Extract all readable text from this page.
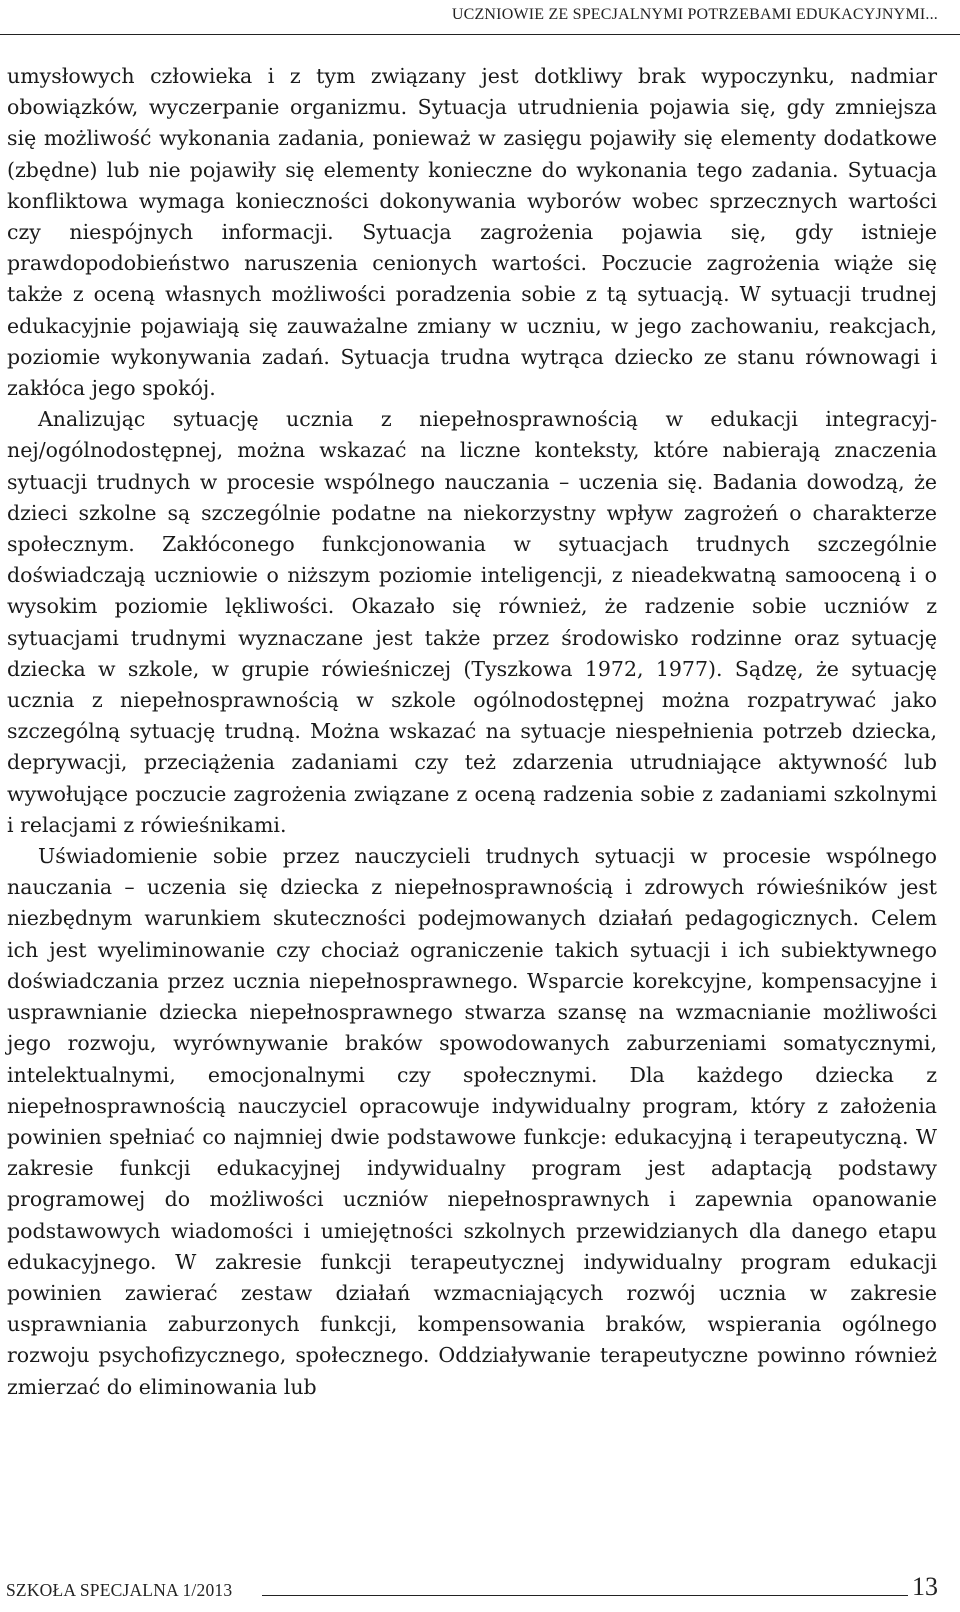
UCZNIOWIE ZE SPECJALNYMI POTRZEBAMI EDUKACYJNYMI...

umysłowych człowieka i z tym związany jest dotkliwy brak wypoczynku, nadmiar obowiązków, wyczerpanie organizmu. Sytuacja utrudnienia pojawia się, gdy zmniejsza się możliwość wykonania zadania, ponieważ w zasięgu pojawiły się elementy dodatkowe (zbędne) lub nie pojawiły się elementy konieczne do wykonania tego zadania. Sytuacja konfliktowa wymaga konieczności dokonywania wyborów wobec sprzecznych wartości czy niespójnych informacji. Sytuacja zagrożenia pojawia się, gdy istnieje prawdopodobieństwo naruszenia cenionych wartości. Poczucie zagrożenia wiąże się także z oceną własnych możliwości poradzenia sobie z tą sytuacją. W sytuacji trudnej edukacyjnie pojawiają się zauważalne zmiany w uczniu, w jego zachowaniu, reakcjach, poziomie wykonywania zadań. Sytuacja trudna wytrąca dziecko ze stanu równowagi i zakłóca jego spokój.

Analizując sytuację ucznia z niepełnosprawnością w edukacji integracyjnej/ogólnodostępnej, można wskazać na liczne konteksty, które nabierają znaczenia sytuacji trudnych w procesie wspólnego nauczania – uczenia się. Badania dowodzą, że dzieci szkolne są szczególnie podatne na niekorzystny wpływ zagrożeń o charakterze społecznym. Zakłóconego funkcjonowania w sytuacjach trudnych szczególnie doświadczają uczniowie o niższym poziomie inteligencji, z nieadekwatną samooceną i o wysokim poziomie lękliwości. Okazało się również, że radzenie sobie uczniów z sytuacjami trudnymi wyznaczane jest także przez środowisko rodzinne oraz sytuację dziecka w szkole, w grupie rówieśniczej (Tyszkowa 1972, 1977). Sądzę, że sytuację ucznia z niepełnosprawnością w szkole ogólnodostępnej można rozpatrywać jako szczególną sytuację trudną. Można wskazać na sytuacje niespełnienia potrzeb dziecka, deprywacji, przeciążenia zadaniami czy też zdarzenia utrudniające aktywność lub wywołujące poczucie zagrożenia związane z oceną radzenia sobie z zadaniami szkolnymi i relacjami z rówieśnikami.

Uświadomienie sobie przez nauczycieli trudnych sytuacji w procesie wspólnego nauczania – uczenia się dziecka z niepełnosprawnością i zdrowych rówieśników jest niezbędnym warunkiem skuteczności podejmowanych działań pedagogicznych. Celem ich jest wyeliminowanie czy chociaż ograniczenie takich sytuacji i ich subiektywnego doświadczania przez ucznia niepełnosprawnego. Wsparcie korekcyjne, kompensacyjne i usprawnianie dziecka niepełnosprawnego stwarza szansę na wzmacnianie możliwości jego rozwoju, wyrównywanie braków spowodowanych zaburzeniami somatycznymi, intelektualnymi, emocjonalnymi czy społecznymi. Dla każdego dziecka z niepełnosprawnością nauczyciel opracowuje indywidualny program, który z założenia powinien spełniać co najmniej dwie podstawowe funkcje: edukacyjną i terapeutyczną. W zakresie funkcji edukacyjnej indywidualny program jest adaptacją podstawy programowej do możliwości uczniów niepełnosprawnych i zapewnia opanowanie podstawowych wiadomości i umiejętności szkolnych przewidzianych dla danego etapu edukacyjnego. W zakresie funkcji terapeutycznej indywidualny program edukacji powinien zawierać zestaw działań wzmacniających rozwój ucznia w zakresie usprawniania zaburzonych funkcji, kompensowania braków, wspierania ogólnego rozwoju psychofizycznego, społecznego. Oddziaływanie terapeutyczne powinno również zmierzać do eliminowania lub

SZKOŁA SPECJALNA 1/2013	13
